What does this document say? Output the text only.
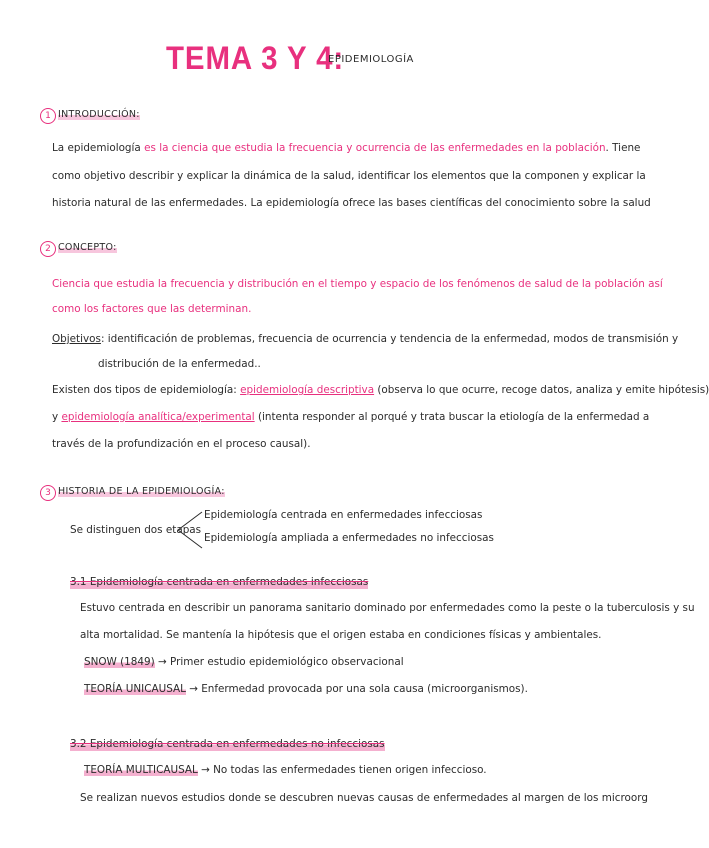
TEMA 3 Y 4:
EPIDEMIOLOGÍA
1 INTRODUCCIÓN:
La epidemiología es la ciencia que estudia la frecuencia y ocurrencia de las enfermedades en la población. Tiene
como objetivo describir y explicar la dinámica de la salud, identificar los elementos que la componen y explicar la
historia natural de las enfermedades. La epidemiología ofrece las bases científicas del conocimiento sobre la salud
2 CONCEPTO:
Ciencia que estudia la frecuencia y distribución en el tiempo y espacio de los fenómenos de salud de la población así
como los factores que las determinan.
Objetivos: identificación de problemas, frecuencia de ocurrencia y tendencia de la enfermedad, modos de transmisión y
distribución de la enfermedad..
Existen dos tipos de epidemiología: epidemiología descriptiva (observa lo que ocurre, recoge datos, analiza y emite hipótesis)
y epidemiología analítica/experimental (intenta responder al porqué y trata buscar la etiología de la enfermedad a
través de la profundización en el proceso causal).
3 HISTORIA DE LA EPIDEMIOLOGÍA:
Se distinguen dos etapas
Epidemiología centrada en enfermedades infecciosas
Epidemiología ampliada a enfermedades no infecciosas
3.1 Epidemiología centrada en enfermedades infecciosas
Estuvo centrada en describir un panorama sanitario dominado por enfermedades como la peste o la tuberculosis y su
alta mortalidad. Se mantenía la hipótesis que el origen estaba en condiciones físicas y ambientales.
SNOW (1849) → Primer estudio epidemiológico observacional
TEORÍA UNICAUSAL → Enfermedad provocada por una sola causa (microorganismos).
3.2 Epidemiología centrada en enfermedades no infecciosas
TEORÍA MULTICAUSAL → No todas las enfermedades tienen origen infeccioso.
Se realizan nuevos estudios donde se descubren nuevas causas de enfermedades al margen de los microorg
